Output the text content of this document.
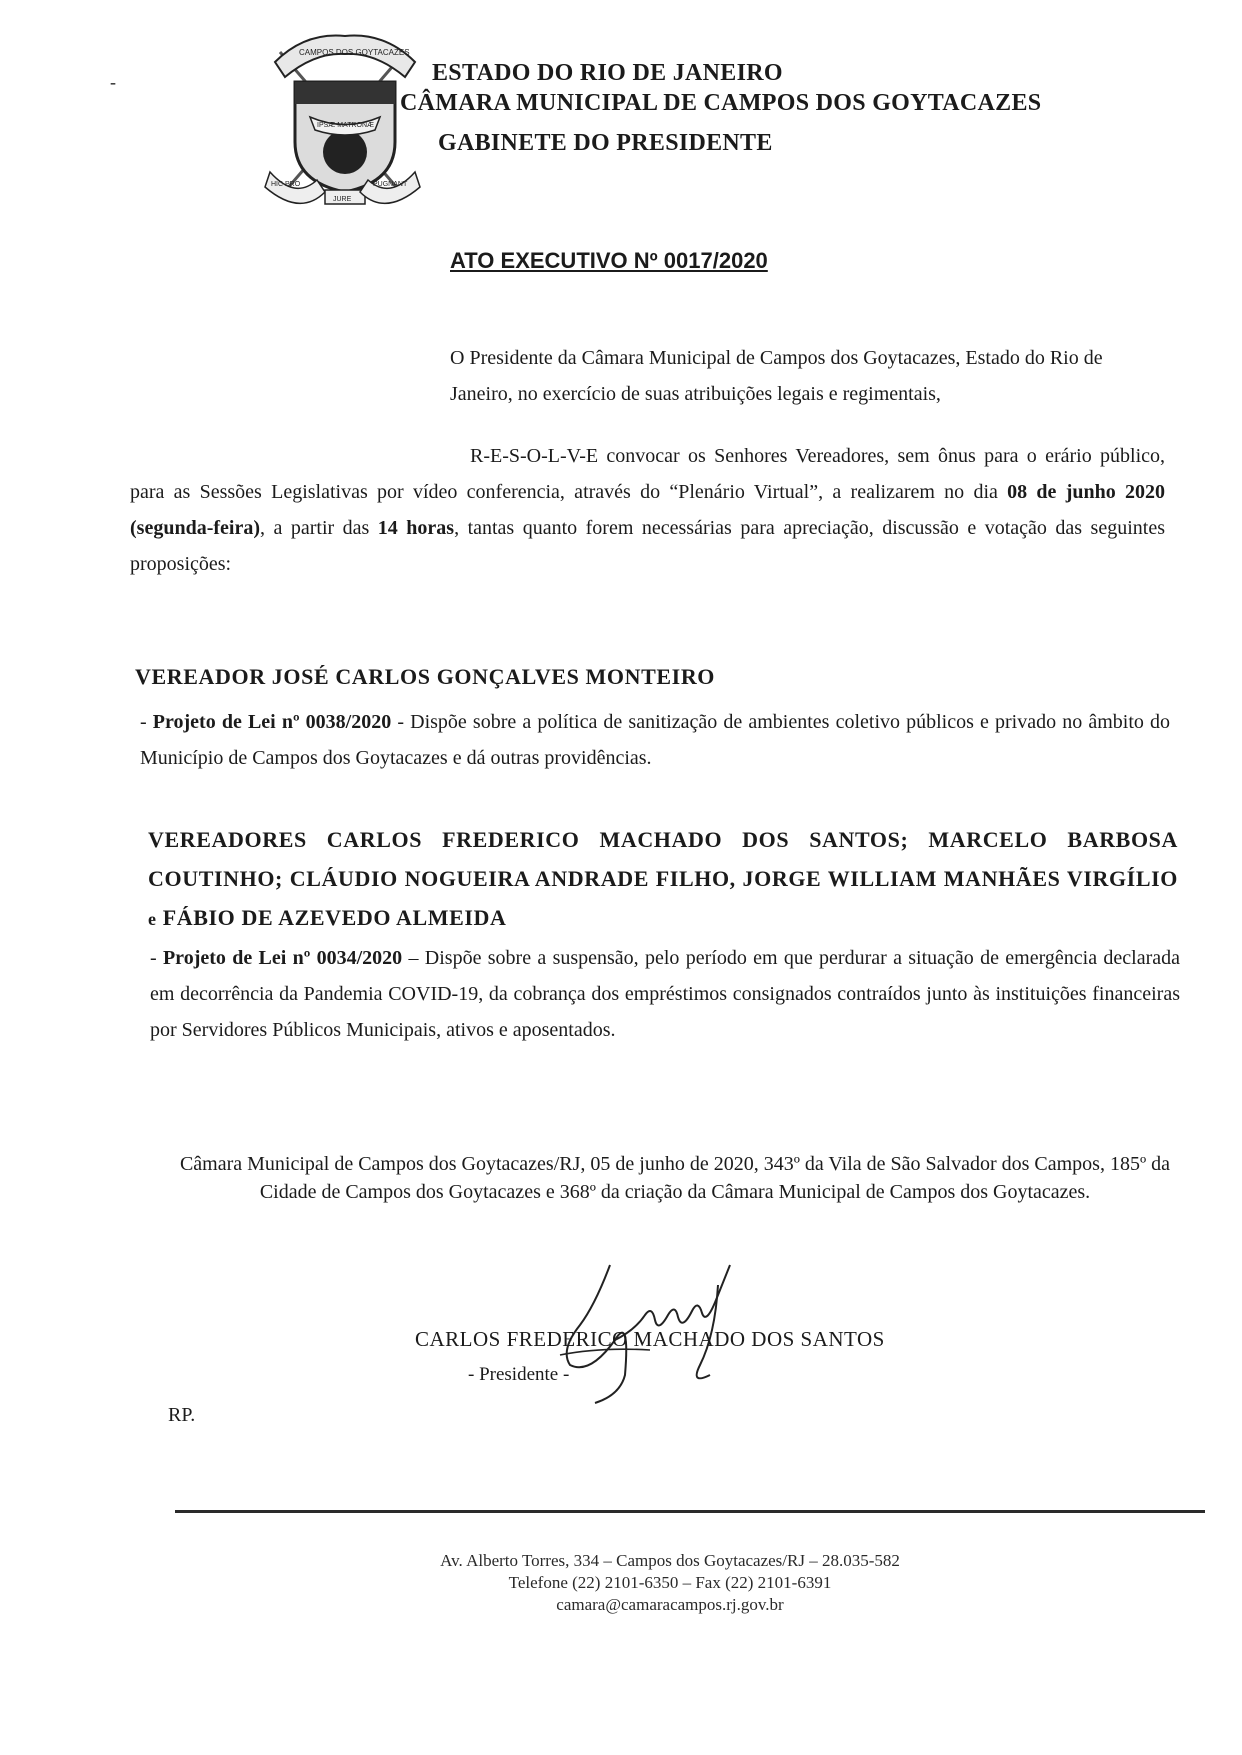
-
CAMPOS DOS GOYTACAZES
IPSÆ MATRONÆ
HIC PRO
JURE
PUGNANT
ESTADO DO RIO DE JANEIRO
CÂMARA MUNICIPAL DE CAMPOS DOS GOYTACAZES
GABINETE DO PRESIDENTE
ATO EXECUTIVO Nº 0017/2020

O Presidente da Câmara Municipal de Campos dos Goytacazes, Estado do Rio de Janeiro, no exercício de suas atribuições legais e regimentais,

R-E-S-O-L-V-E convocar os Senhores Vereadores, sem ônus para o erário público, para as Sessões Legislativas por vídeo conferencia, através do “Plenário Virtual”, a realizarem no dia 08 de junho 2020 (segunda-feira), a partir das 14 horas, tantas quanto forem necessárias para apreciação, discussão e votação das seguintes proposições:

VEREADOR JOSÉ CARLOS GONÇALVES MONTEIRO

- Projeto de Lei nº 0038/2020 - Dispõe sobre a política de sanitização de ambientes coletivo públicos e privado no âmbito do Município de Campos dos Goytacazes e dá outras providências.

VEREADORES CARLOS FREDERICO MACHADO DOS SANTOS; MARCELO BARBOSA COUTINHO; CLÁUDIO NOGUEIRA ANDRADE FILHO, JORGE WILLIAM MANHÃES VIRGÍLIO e FÁBIO DE AZEVEDO ALMEIDA

- Projeto de Lei nº 0034/2020 – Dispõe sobre a suspensão, pelo período em que perdurar a situação de emergência declarada em decorrência da Pandemia COVID-19, da cobrança dos empréstimos consignados contraídos junto às instituições financeiras por Servidores Públicos Municipais, ativos e aposentados.

Câmara Municipal de Campos dos Goytacazes/RJ, 05 de junho de 2020, 343º da Vila de São Salvador dos Campos, 185º da Cidade de Campos dos Goytacazes e 368º da criação da Câmara Municipal de Campos dos Goytacazes.

CARLOS FREDERICO MACHADO DOS SANTOS
- Presidente -
RP.
Av. Alberto Torres, 334 – Campos dos Goytacazes/RJ – 28.035-582
Telefone (22) 2101-6350 – Fax (22) 2101-6391
camara@camaracampos.rj.gov.br
